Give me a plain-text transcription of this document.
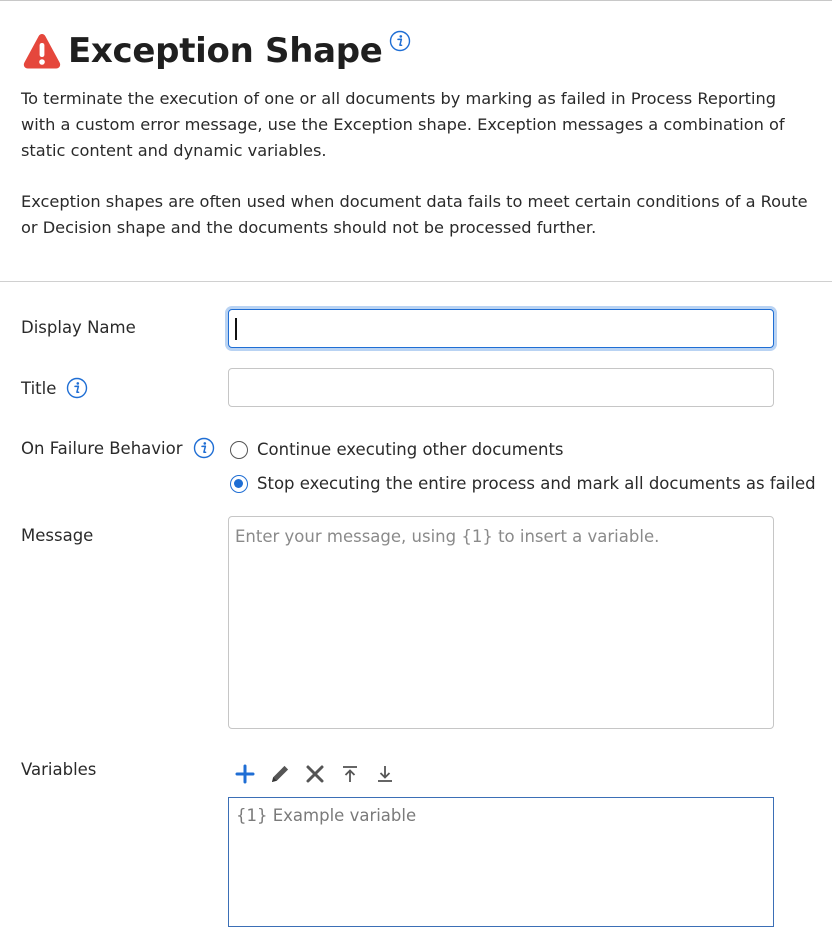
Exception Shape

To terminate the execution of one or all documents by marking as failed in Process Reporting with a custom error message, use the Exception shape. Exception messages a combination of static content and dynamic variables.

Exception shapes are often used when document data fails to meet certain conditions of a Route or Decision shape and the documents should not be processed further.

Display Name
Title
On Failure Behavior	Continue executing other documents
Stop executing the entire process and mark all documents as failed
Message	Enter your message, using {1} to insert a variable.
Variables
{1} Example variable
